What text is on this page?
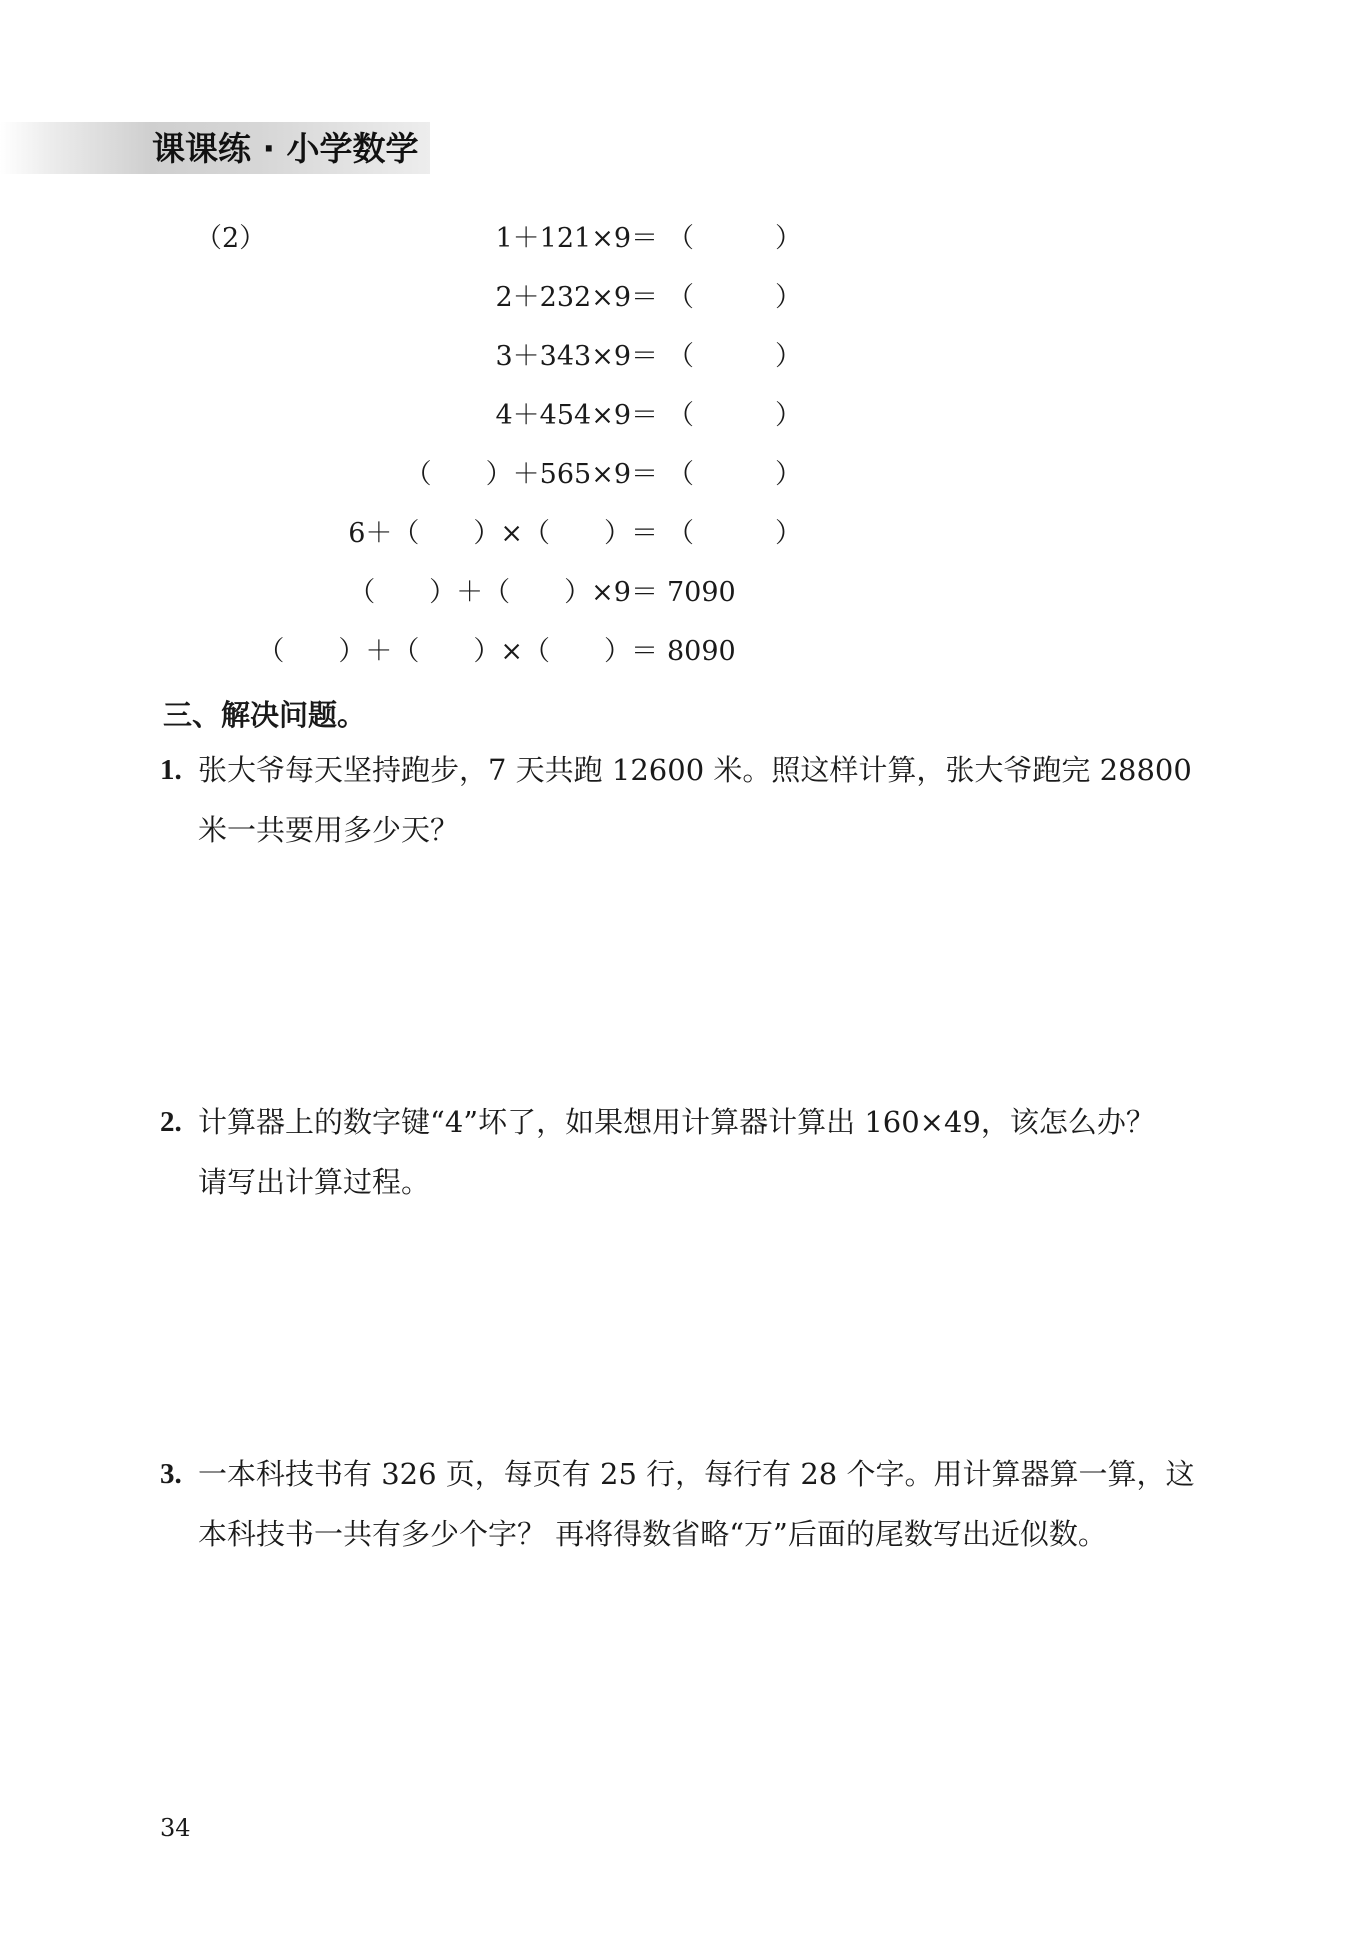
课课练 · 小学数学
（2）	1＋121×9＝ （　　　）
2＋232×9＝ （　　　）
3＋343×9＝ （　　　）
4＋454×9＝ （　　　）
（　　）＋565×9＝ （　　　）
6＋（　　）×（　　）＝ （　　　）
（　　）＋（　　）×9＝ 7090
（　　）＋（　　）×（　　）＝ 8090
三、解决问题。
1. 张大爷每天坚持跑步，7 天共跑 12600 米。照这样计算，张大爷跑完 28800
米一共要用多少天？
2. 计算器上的数字键“4”坏了，如果想用计算器计算出 160×49，该怎么办？
请写出计算过程。
3. 一本科技书有 326 页，每页有 25 行，每行有 28 个字。用计算器算一算，这
本科技书一共有多少个字？ 再将得数省略“万”后面的尾数写出近似数。
34
